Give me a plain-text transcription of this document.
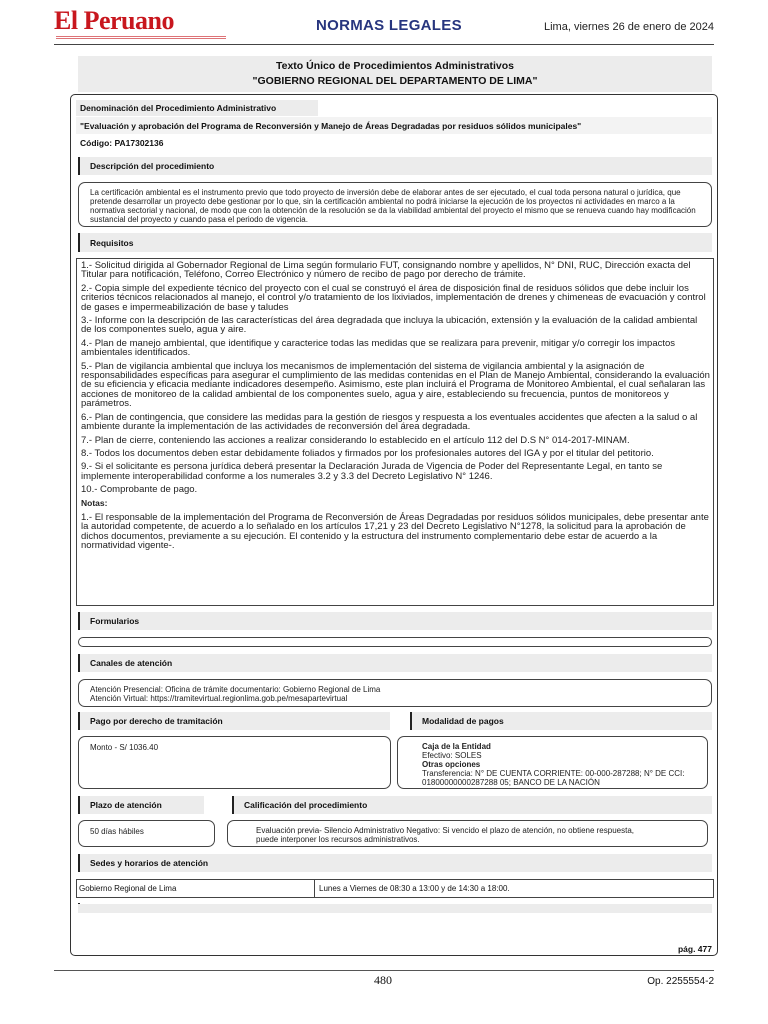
El Peruano	NORMAS LEGALES	Lima, viernes 26 de enero de 2024
Texto Único de Procedimientos Administrativos
"GOBIERNO REGIONAL DEL DEPARTAMENTO DE LIMA"
Denominación del Procedimiento Administrativo
"Evaluación y aprobación del Programa de Reconversión y Manejo de Áreas Degradadas por residuos sólidos municipales"
Código: PA17302136
Descripción del procedimiento
La certificación ambiental es el instrumento previo que todo proyecto de inversión debe de elaborar antes de ser ejecutado, el cual toda persona natural o jurídica, que pretende desarrollar un proyecto debe gestionar por lo que, sin la certificación ambiental no podrá iniciarse la ejecución de los proyectos ni actividades en marco a la normativa sectorial y nacional, de modo que con la obtención de la resolución se da la viabilidad ambiental del proyecto el mismo que se renueva cuando hay modificación sustancial del proyecto y cuando pasa el periodo de vigencia.
Requisitos

1.- Solicitud dirigida al Gobernador Regional de Lima según formulario FUT, consignando nombre y apellidos, N° DNI, RUC, Dirección exacta del Titular para notificación, Teléfono, Correo Electrónico y número de recibo de pago por derecho de trámite.

2.- Copia simple del expediente técnico del proyecto con el cual se construyó el área de disposición final de residuos sólidos que debe incluir los criterios técnicos relacionados al manejo, el control y/o tratamiento de los lixiviados, implementación de drenes y chimeneas de evacuación y control de gases e impermeabilización de base y taludes

3.- Informe con la descripción de las características del área degradada que incluya la ubicación, extensión y la evaluación de la calidad ambiental de los componentes suelo, agua y aire.

4.- Plan de manejo ambiental, que identifique y caracterice todas las medidas que se realizara para prevenir, mitigar y/o corregir los impactos ambientales identificados.

5.- Plan de vigilancia ambiental que incluya los mecanismos de implementación del sistema de vigilancia ambiental y la asignación de responsabilidades específicas para asegurar el cumplimiento de las medidas contenidas en el Plan de Manejo Ambiental, considerando la evaluación de su eficiencia y eficacia mediante indicadores desempeño. Asimismo, este plan incluirá el Programa de Monitoreo Ambiental, el cual señalaran las acciones de monitoreo de la calidad ambiental de los componentes suelo, agua y aire, estableciendo su frecuencia, puntos de monitoreos y parámetros.

6.- Plan de contingencia, que considere las medidas para la gestión de riesgos y respuesta a los eventuales accidentes que afecten a la salud o al ambiente durante la implementación de las actividades de reconversión del área degradada.

7.- Plan de cierre, conteniendo las acciones a realizar considerando lo establecido en el artículo 112 del D.S N° 014-2017-MINAM.

8.- Todos los documentos deben estar debidamente foliados y firmados por los profesionales autores del IGA y por el titular del petitorio.

9.- Si el solicitante es persona jurídica deberá presentar la Declaración Jurada de Vigencia de Poder del Representante Legal, en tanto se implemente interoperabilidad conforme a los numerales 3.2 y 3.3 del Decreto Legislativo N° 1246.

10.- Comprobante de pago.

Notas:

1.- El responsable de la implementación del Programa de Reconversión de Áreas Degradadas por residuos sólidos municipales, debe presentar ante la autoridad competente, de acuerdo a lo señalado en los artículos 17,21 y 23 del Decreto Legislativo N°1278, la solicitud para la aprobación de dichos documentos, previamente a su ejecución. El contenido y la estructura del instrumento complementario debe estar de acuerdo a la normatividad vigente-.

Formularios
Canales de atención
Atención Presencial: Oficina de trámite documentario: Gobierno Regional de Lima
Atención Virtual: https://tramitevirtual.regionlima.gob.pe/mesapartevirtual
Pago por derecho de tramitación	Modalidad de pagos
Monto - S/ 1036.40	Caja de la Entidad
Efectivo: SOLES
Otras opciones
Transferencia: N° DE CUENTA CORRIENTE: 00-000-287288; N° DE CCI: 01800000000287288 05; BANCO DE LA NACIÓN
Plazo de atención	Calificación del procedimiento
50 días hábiles	Evaluación previa- Silencio Administrativo Negativo: Si vencido el plazo de atención, no obtiene respuesta,
puede interponer los recursos administrativos.
Sedes y horarios de atención
Gobierno Regional de Lima	Lunes a Viernes de 08:30 a 13:00 y de 14:30 a 18:00.
pág. 477
480	Op. 2255554-2
